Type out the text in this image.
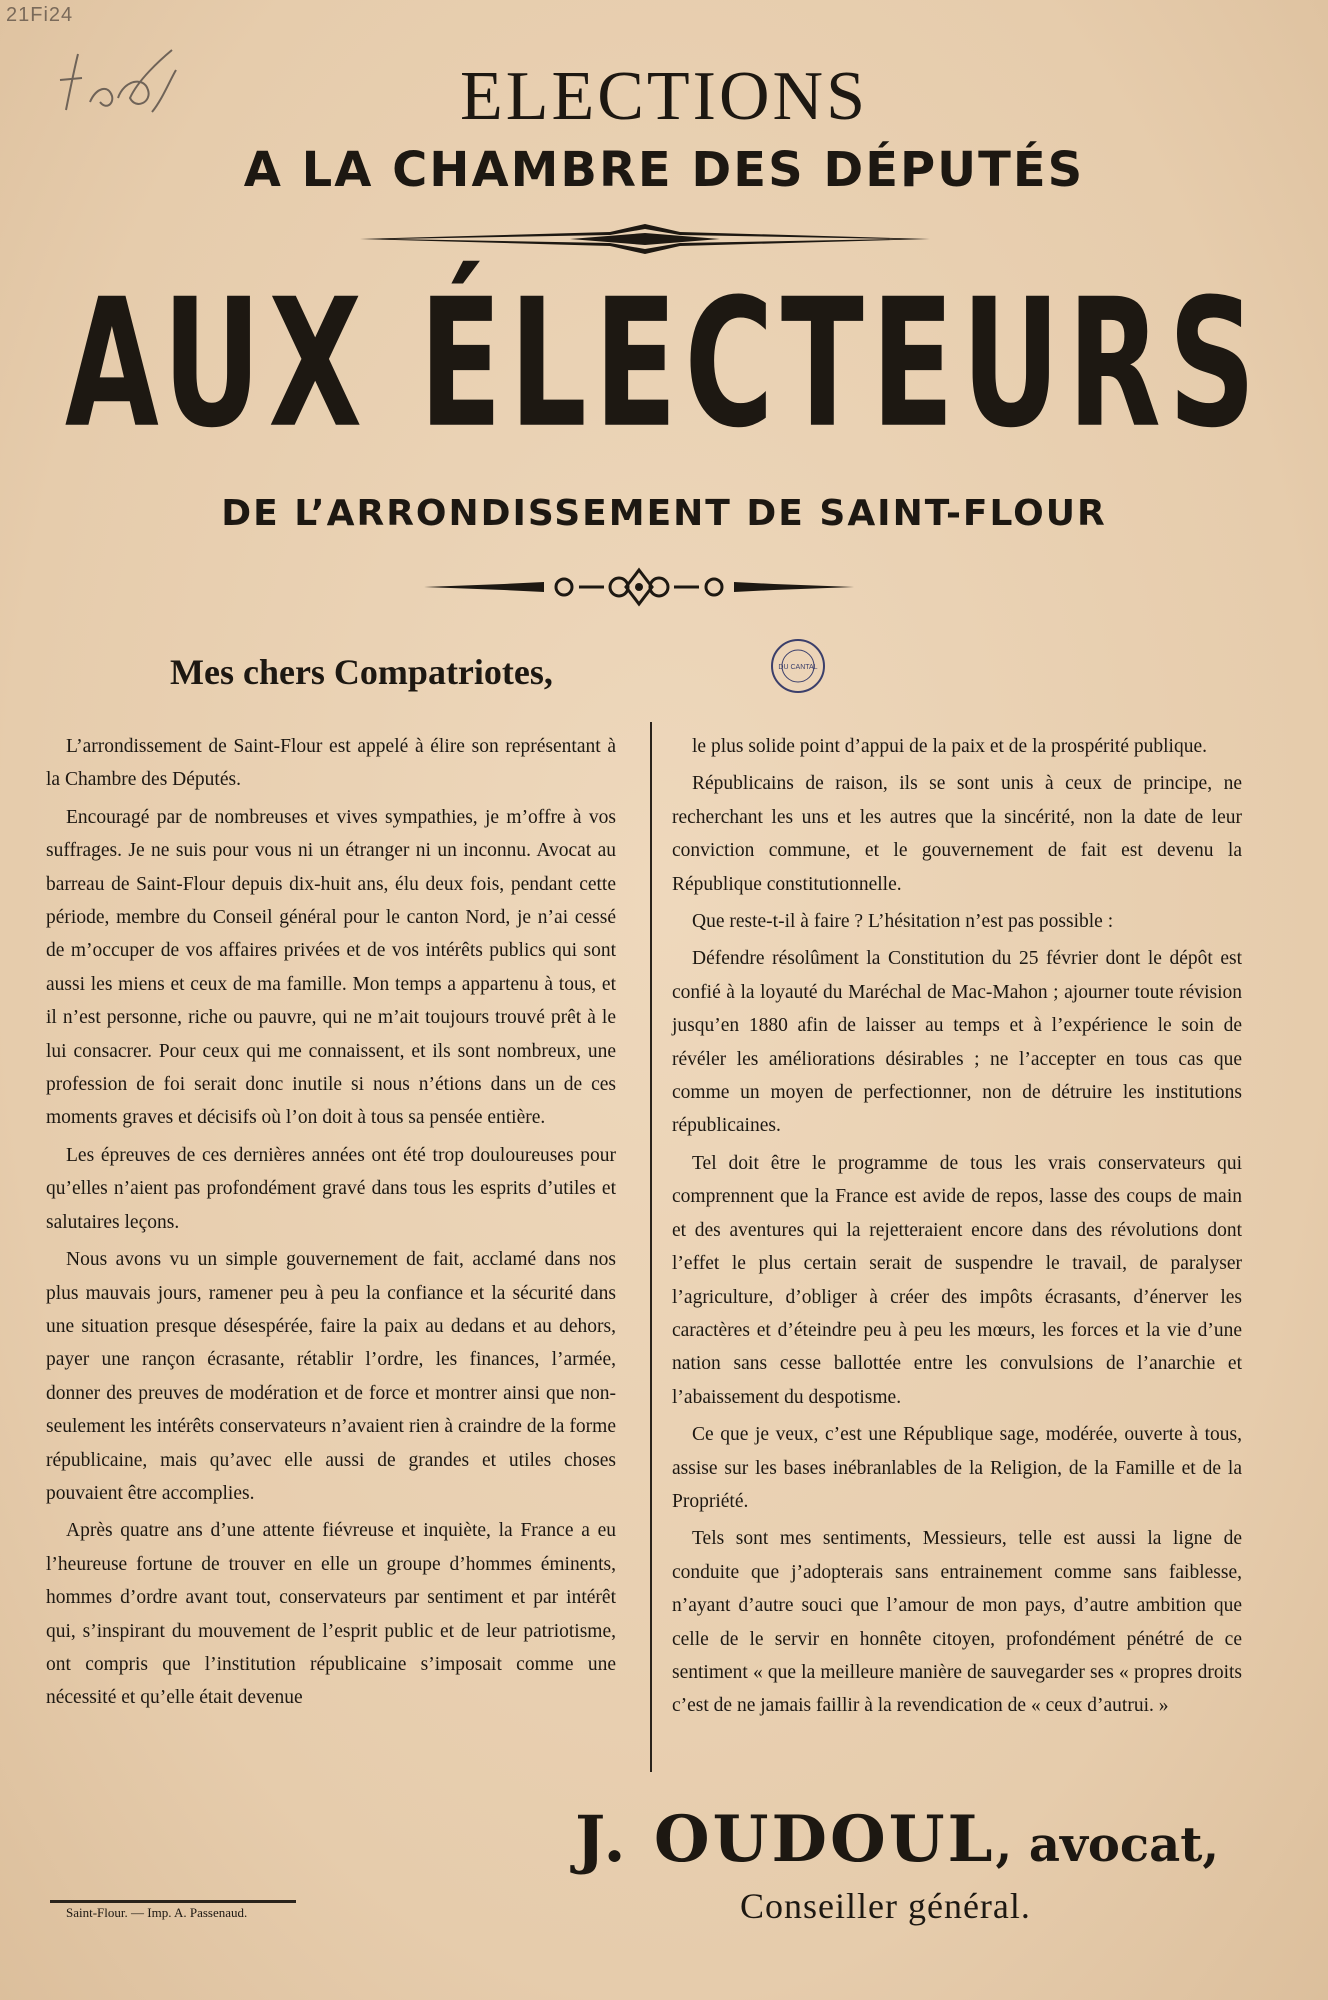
21Fi24
ELECTIONS
A LA CHAMBRE DES DÉPUTÉS
AUX ÉLECTEURS
DE L’ARRONDISSEMENT DE SAINT-FLOUR
Mes chers Compatriotes,	DU CANTAL

L’arrondissement de Saint-Flour est appelé à élire son représentant à la Chambre des Députés.

Encouragé par de nombreuses et vives sympathies, je m’offre à vos suffrages. Je ne suis pour vous ni un étranger ni un inconnu. Avocat au barreau de Saint-Flour depuis dix-huit ans, élu deux fois, pendant cette période, membre du Conseil général pour le canton Nord, je n’ai cessé de m’occuper de vos affaires privées et de vos intérêts publics qui sont aussi les miens et ceux de ma famille. Mon temps a appartenu à tous, et il n’est personne, riche ou pauvre, qui ne m’ait toujours trouvé prêt à le lui consacrer. Pour ceux qui me connaissent, et ils sont nombreux, une profession de foi serait donc inutile si nous n’étions dans un de ces moments graves et décisifs où l’on doit à tous sa pensée entière.

Les épreuves de ces dernières années ont été trop douloureuses pour qu’elles n’aient pas profondément gravé dans tous les esprits d’utiles et salutaires leçons.

Nous avons vu un simple gouvernement de fait, acclamé dans nos plus mauvais jours, ramener peu à peu la confiance et la sécurité dans une situation presque désespérée, faire la paix au dedans et au dehors, payer une rançon écrasante, rétablir l’ordre, les finances, l’armée, donner des preuves de modération et de force et montrer ainsi que non-seulement les intérêts conservateurs n’avaient rien à craindre de la forme républicaine, mais qu’avec elle aussi de grandes et utiles choses pouvaient être accomplies.

Après quatre ans d’une attente fiévreuse et inquiète, la France a eu l’heureuse fortune de trouver en elle un groupe d’hommes éminents, hommes d’ordre avant tout, conservateurs par sentiment et par intérêt qui, s’inspirant du mouvement de l’esprit public et de leur patriotisme, ont compris que l’institution républicaine s’imposait comme une nécessité et qu’elle était devenue

le plus solide point d’appui de la paix et de la prospérité publique.

Républicains de raison, ils se sont unis à ceux de principe, ne recherchant les uns et les autres que la sincérité, non la date de leur conviction commune, et le gouvernement de fait est devenu la République constitutionnelle.

Que reste-t-il à faire ? L’hésitation n’est pas possible :

Défendre résolûment la Constitution du 25 février dont le dépôt est confié à la loyauté du Maréchal de Mac-Mahon ; ajourner toute révision jusqu’en 1880 afin de laisser au temps et à l’expérience le soin de révéler les améliorations désirables ; ne l’accepter en tous cas que comme un moyen de perfectionner, non de détruire les institutions républicaines.

Tel doit être le programme de tous les vrais conservateurs qui comprennent que la France est avide de repos, lasse des coups de main et des aventures qui la rejetteraient encore dans des révolutions dont l’effet le plus certain serait de suspendre le travail, de paralyser l’agriculture, d’obliger à créer des impôts écrasants, d’énerver les caractères et d’éteindre peu à peu les mœurs, les forces et la vie d’une nation sans cesse ballottée entre les convulsions de l’anarchie et l’abaissement du despotisme.

Ce que je veux, c’est une République sage, modérée, ouverte à tous, assise sur les bases inébranlables de la Religion, de la Famille et de la Propriété.

Tels sont mes sentiments, Messieurs, telle est aussi la ligne de conduite que j’adopterais sans entrainement comme sans faiblesse, n’ayant d’autre souci que l’amour de mon pays, d’autre ambition que celle de le servir en honnête citoyen, profondément pénétré de ce sentiment « que la meilleure manière de sauvegarder ses « propres droits c’est de ne jamais faillir à la revendication de « ceux d’autrui. »

J. OUDOUL, avocat,
Conseiller général.
Saint-Flour. — Imp. A. Passenaud.
